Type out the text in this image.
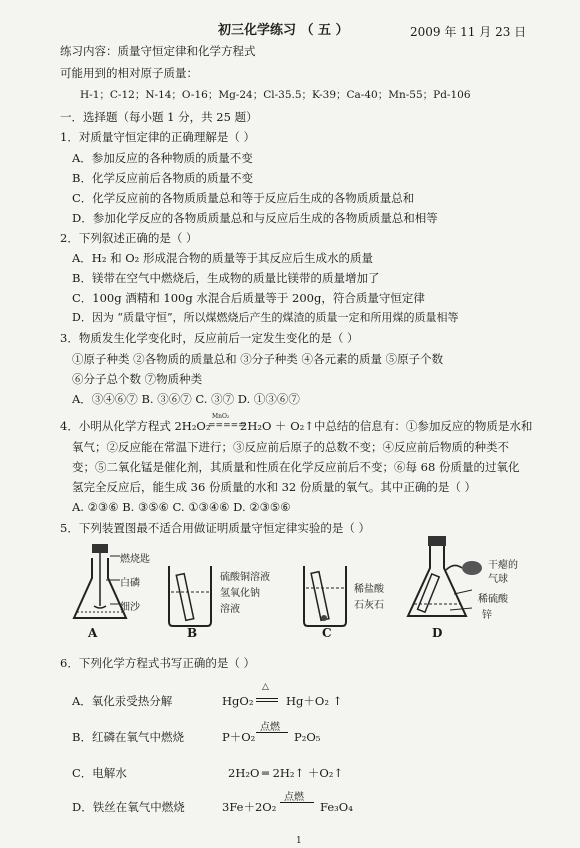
初三化学练习 （ 五 ）	2009 年 11 月 23 日
练习内容：质量守恒定律和化学方程式
可能用到的相对原子质量：
H-1；C-12；N-14；O-16；Mg-24；Cl-35.5；K-39；Ca-40；Mn-55；Pd-106
一．选择题（每小题 1 分，共 25 题）
1．对质量守恒定律的正确理解是（ ）
A．参加反应的各种物质的质量不变
B．化学反应前后各物质的质量不变
C．化学反应前的各物质质量总和等于反应后生成的各物质质量总和
D．参加化学反应的各物质质量总和与反应后生成的各物质质量总和相等
2．下列叙述正确的是（ ）
A．H₂ 和 O₂ 形成混合物的质量等于其反应后生成水的质量
B．镁带在空气中燃烧后，生成物的质量比镁带的质量增加了
C．100g 酒精和 100g 水混合后质量等于 200g，符合质量守恒定律
D．因为 “质量守恒”，所以煤燃烧后产生的煤渣的质量一定和所用煤的质量相等
3．物质发生化学变化时，反应前后一定发生变化的是（ ）
①原子种类 ②各物质的质量总和 ③分子种类 ④各元素的质量 ⑤原子个数
⑥分子总个数 ⑦物质种类
A．③④⑥⑦ B. ③⑥⑦ C. ③⑦ D. ①③⑥⑦
4．小明从化学方程式 2H₂O₂
MnO₂
=====
2H₂O ＋ O₂↑中总结的信息有：①参加反应的物质是水和
氧气；②反应能在常温下进行；③反应前后原子的总数不变；④反应前后物质的种类不
变；⑤二氧化锰是催化剂，其质量和性质在化学反应前后不变；⑥每 68 份质量的过氧化
氢完全反应后，能生成 36 份质量的水和 32 份质量的氧气。其中正确的是（ ）
A. ②③⑥ B. ③⑤⑥ C. ①③④⑥ D. ②③⑤⑥
5．下列装置图最不适合用做证明质量守恒定律实验的是（ ）
燃烧匙
白磷
细沙
A
硫酸铜溶液
氢氧化钠
溶液
B
稀盐酸
石灰石
C
干瘪的
气球
稀硫酸
锌
D
6．下列化学方程式书写正确的是（ ）
A．氧化汞受热分解	HgO₂
△
Hg＋O₂ ↑
B．红磷在氧气中燃烧	P＋O₂
点燃
P₂O₅
C．电解水	2H₂O ═ 2H₂↑ ＋O₂↑
D．铁丝在氧气中燃烧	3Fe＋2O₂
点燃
Fe₃O₄
1
